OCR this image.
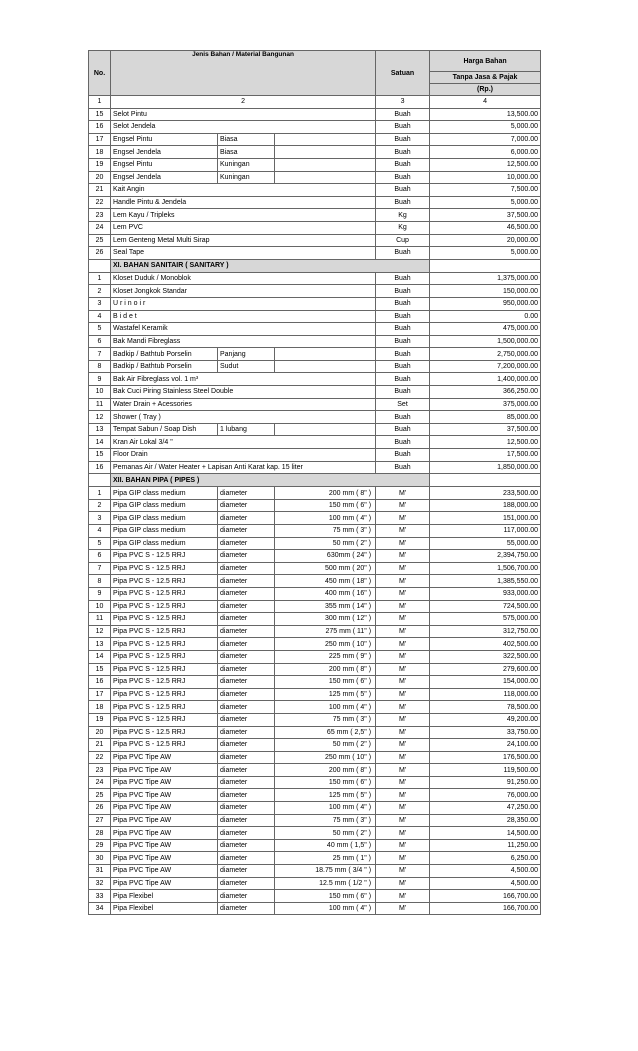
No.	Jenis Bahan / Material Bangunan			Satuan	Harga Bahan
					Tanpa Jasa & Pajak
					(Rp.)
1	2			3	4
15	Selot Pintu			Buah	13,500.00
16	Selot Jendela			Buah	5,000.00
17	Engsel Pintu	Biasa		Buah	7,000.00
18	Engsel Jendela	Biasa		Buah	6,000.00
19	Engsel Pintu	Kuningan		Buah	12,500.00
20	Engsel Jendela	Kuningan		Buah	10,000.00
21	Kait Angin			Buah	7,500.00
22	Handle Pintu & Jendela			Buah	5,000.00
23	Lem Kayu / Tripleks			Kg	37,500.00
24	Lem PVC			Kg	46,500.00
25	Lem Genteng Metal Multi Sirap			Cup	20,000.00
26	Seal Tape			Buah	5,000.00
	XI. BAHAN SANITAIR ( SANITARY )				
1	Kloset Duduk / Monoblok			Buah	1,375,000.00
2	Kloset Jongkok Standar			Buah	150,000.00
3	U r i n o i r			Buah	950,000.00
4	B i d e t			Buah	0.00
5	Wastafel Keramik			Buah	475,000.00
6	Bak Mandi Fibreglass			Buah	1,500,000.00
7	Badkip / Bathtub Porselin	Panjang		Buah	2,750,000.00
8	Badkip / Bathtub Porselin	Sudut		Buah	7,200,000.00
9	Bak Air Fibreglass vol. 1 m³			Buah	1,400,000.00
10	Bak Cuci Piring Stainless Steel Double			Buah	366,250.00
11	Water Drain + Acessories			Set	375,000.00
12	Shower ( Tray )			Buah	85,000.00
13	Tempat Sabun / Soap Dish	1 lubang		Buah	37,500.00
14	Kran Air Lokal 3/4 "			Buah	12,500.00
15	Floor Drain			Buah	17,500.00
16	Pemanas Air / Water Heater + Lapisan Anti Karat kap. 15 liter			Buah	1,850,000.00
	XII. BAHAN PIPA ( PIPES )				
1	Pipa GIP class medium	diameter	200 mm ( 8" )	M'	233,500.00
2	Pipa GIP class medium	diameter	150 mm ( 6" )	M'	188,000.00
3	Pipa GIP class medium	diameter	100 mm ( 4" )	M'	151,000.00
4	Pipa GIP class medium	diameter	75 mm ( 3" )	M'	117,000.00
5	Pipa GIP class medium	diameter	50 mm ( 2" )	M'	55,000.00
6	Pipa PVC S - 12.5 RRJ	diameter	630mm ( 24" )	M'	2,394,750.00
7	Pipa PVC S - 12.5 RRJ	diameter	500 mm ( 20" )	M'	1,506,700.00
8	Pipa PVC S - 12.5 RRJ	diameter	450 mm ( 18" )	M'	1,385,550.00
9	Pipa PVC S - 12.5 RRJ	diameter	400 mm ( 16" )	M'	933,000.00
10	Pipa PVC S - 12.5 RRJ	diameter	355 mm ( 14" )	M'	724,500.00
11	Pipa PVC S - 12.5 RRJ	diameter	300 mm ( 12" )	M'	575,000.00
12	Pipa PVC S - 12.5 RRJ	diameter	275 mm ( 11" )	M'	312,750.00
13	Pipa PVC S - 12.5 RRJ	diameter	250 mm ( 10" )	M'	402,500.00
14	Pipa PVC S - 12.5 RRJ	diameter	225 mm ( 9" )	M'	322,500.00
15	Pipa PVC S - 12.5 RRJ	diameter	200 mm ( 8" )	M'	279,600.00
16	Pipa PVC S - 12.5 RRJ	diameter	150 mm ( 6" )	M'	154,000.00
17	Pipa PVC S - 12.5 RRJ	diameter	125 mm ( 5" )	M'	118,000.00
18	Pipa PVC S - 12.5 RRJ	diameter	100 mm ( 4" )	M'	78,500.00
19	Pipa PVC S - 12.5 RRJ	diameter	75 mm ( 3" )	M'	49,200.00
20	Pipa PVC S - 12.5 RRJ	diameter	65 mm ( 2,5" )	M'	33,750.00
21	Pipa PVC S - 12.5 RRJ	diameter	50 mm ( 2" )	M'	24,100.00
22	Pipa PVC Tipe AW	diameter	250 mm ( 10" )	M'	176,500.00
23	Pipa PVC Tipe AW	diameter	200 mm ( 8" )	M'	119,500.00
24	Pipa PVC Tipe AW	diameter	150 mm ( 6" )	M'	91,250.00
25	Pipa PVC Tipe AW	diameter	125 mm ( 5" )	M'	76,000.00
26	Pipa PVC Tipe AW	diameter	100 mm ( 4" )	M'	47,250.00
27	Pipa PVC Tipe AW	diameter	75 mm ( 3" )	M'	28,350.00
28	Pipa PVC Tipe AW	diameter	50 mm ( 2" )	M'	14,500.00
29	Pipa PVC Tipe AW	diameter	40 mm ( 1,5" )	M'	11,250.00
30	Pipa PVC Tipe AW	diameter	25 mm ( 1" )	M'	6,250.00
31	Pipa PVC Tipe AW	diameter	18.75 mm ( 3/4 " )	M'	4,500.00
32	Pipa PVC Tipe AW	diameter	12.5 mm ( 1/2 " )	M'	4,500.00
33	Pipa Flexibel	diameter	150 mm ( 6" )	M'	166,700.00
34	Pipa Flexibel	diameter	100 mm ( 4" )	M'	166,700.00
